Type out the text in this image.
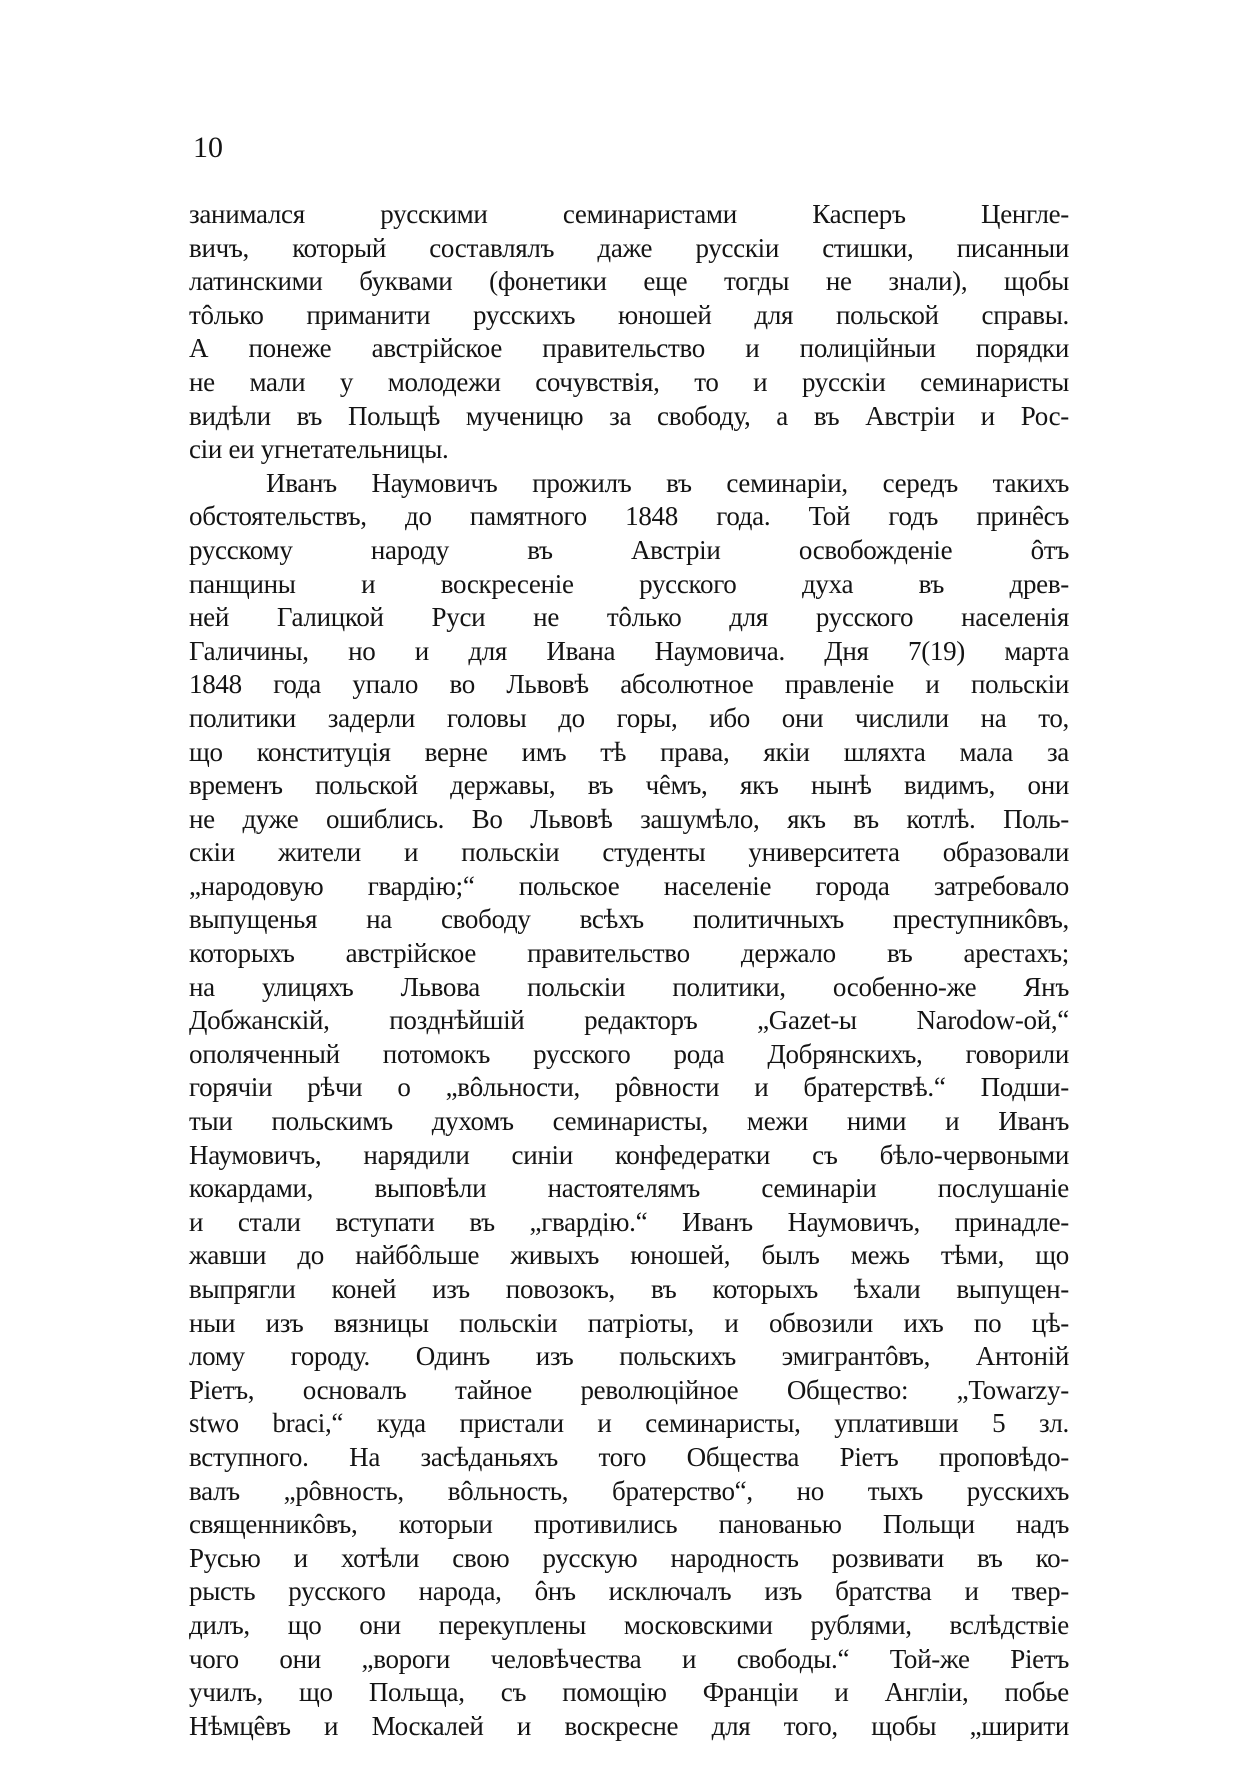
10
занимался русскими семинаристами Касперъ Ценгле-
вичъ, который составлялъ даже русскіи стишки, писанныи
латинскими буквами (фонетики еще тогды не знали), щобы
тôлько приманити русскихъ юношей для польской справы.
А понеже австрійское правительство и полицiйныи порядки
не мали у молодежи сочувствія, то и русскіи семинаристы
видѣли въ Польщѣ мученицю за свободу, а въ Австріи и Рос-
сіи еи угнетательницы.
Иванъ Наумовичъ прожилъ въ семинаріи, середъ такихъ
обстоятельствъ, до памятного 1848 года. Той годъ принêсъ
русскому народу въ Австріи освобожденіе ôтъ
панщины и воскресеніе русского духа въ древ-
ней Галицкой Руси не тôлько для русского населенія
Галичины, но и для Ивана Наумовича. Дня 7(19) марта
1848 года упало во Львовѣ абсолютное правленіе и польскіи
политики задерли головы до горы, ибо они числили на то,
що конституція верне имъ тѣ права, якіи шляхта мала за
временъ польской державы, въ чêмъ, якъ нынѣ видимъ, они
не дуже ошиблись. Во Львовѣ зашумѣло, якъ въ котлѣ. Поль-
скіи жители и польскіи студенты университета образовали
„народовую гвардію;“ польское населеніе города затребовало
выпущенья на свободу всѣхъ политичныхъ преступникôвъ,
которыхъ австрійское правительство держало въ арестахъ;
на улицяхъ Львова польскіи политики, особенно-же Янъ
Добжанскій, позднѣйшій редакторъ „Gazet-ы Narodow-ой,“
ополяченный потомокъ русского рода Добрянскихъ, говорили
горячіи рѣчи о „вôльности, рôвности и братерствѣ.“ Подши-
тыи польскимъ духомъ семинаристы, межи ними и Иванъ
Наумовичъ, нарядили синіи конфедератки съ бѣло-червоными
кокардами, выповѣли настоятелямъ семинаріи послушаніе
и стали вступати въ „гвардію.“ Иванъ Наумовичъ, принадле-
жавши до найбôльше живыхъ юношей, былъ межь тѣми, що
выпрягли коней изъ повозокъ, въ которыхъ ѣхали выпущен-
ныи изъ вязницы польскіи патріоты, и обвозили ихъ по цѣ-
лому городу. Одинъ изъ польскихъ эмигрантôвъ, Антоній
Ріетъ, основалъ тайное революцiйное Общество: „Towarzy-
stwo braci,“ куда пристали и семинаристы, уплативши 5 зл.
вступного. На засѣданьяхъ того Общества Ріетъ проповѣдо-
валъ „рôвность, вôльность, братерство“, но тыхъ русскихъ
священникôвъ, которыи противились панованью Польщи надъ
Русью и хотѣли свою русскую народность розвивати въ ко-
рысть русского народа, ôнъ исключалъ изъ братства и твер-
дилъ, що они перекуплены московскими рублями, вслѣдствіе
чого они „вороги человѣчества и свободы.“ Той-же Ріетъ
училъ, що Польща, съ помощію Франціи и Англіи, побье
Нѣмцêвъ и Москалей и воскресне для того, щобы „ширити
